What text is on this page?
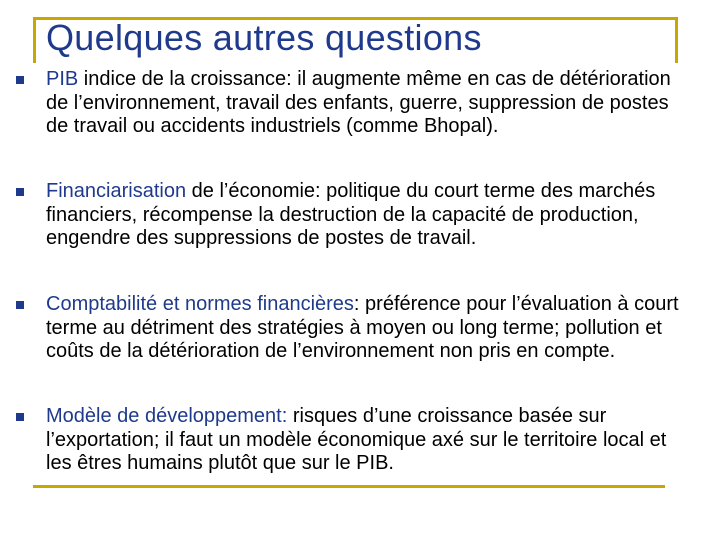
Quelques autres questions
PIB indice de la croissance: il augmente même en cas de détérioration de l’environnement, travail des enfants, guerre, suppression de postes de travail ou accidents industriels (comme Bhopal).
Financiarisation de l’économie: politique du court terme des marchés financiers, récompense la destruction de la capacité de production, engendre des suppressions de postes de travail.
Comptabilité et normes financières: préférence pour l’évaluation à court terme au détriment des stratégies à moyen ou long terme; pollution et coûts de la détérioration de l’environnement non pris en compte.
Modèle de développement: risques d’une croissance basée sur l’exportation; il faut un modèle économique axé sur le territoire local et les êtres humains plutôt que sur le PIB.
